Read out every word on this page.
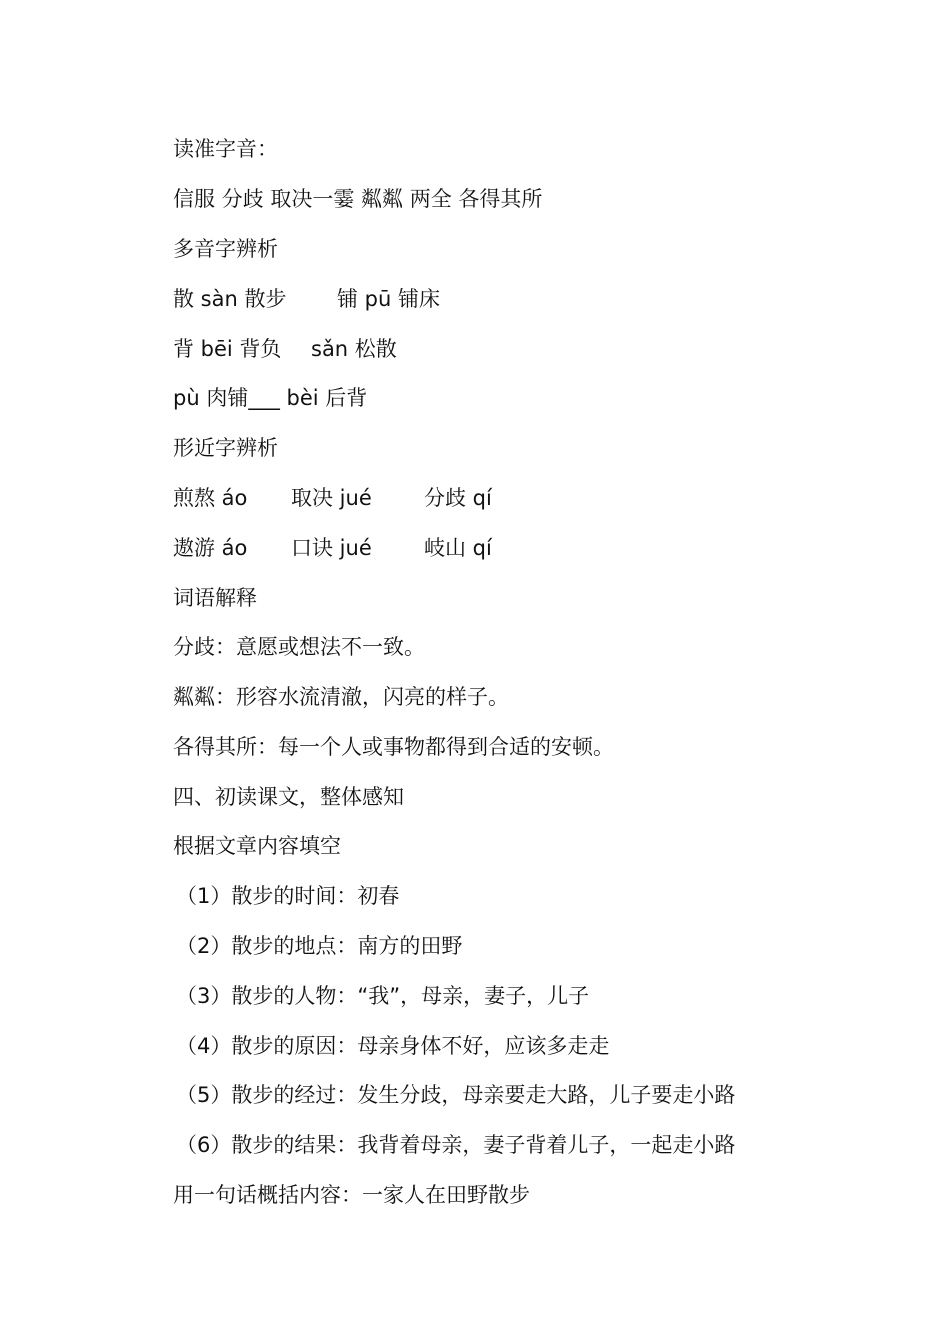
读准字音：
信服 分歧 取决一霎 粼粼 两全 各得其所
多音字辨析
散 sàn 散步 铺 pū 铺床
背 bēi 背负 sǎn 松散
pù 肉铺___ bèi 后背
形近字辨析
煎熬 áo 取决 jué 分歧 qí
遨游 áo 口诀 jué 岐山 qí
词语解释
分歧：意愿或想法不一致。
粼粼：形容水流清澈，闪亮的样子。
各得其所：每一个人或事物都得到合适的安顿。
四、初读课文，整体感知
根据文章内容填空
（1）散步的时间：初春
（2）散步的地点：南方的田野
（3）散步的人物：“我”，母亲，妻子，儿子
（4）散步的原因：母亲身体不好，应该多走走
（5）散步的经过：发生分歧，母亲要走大路，儿子要走小路
（6）散步的结果：我背着母亲，妻子背着儿子，一起走小路
用一句话概括内容：一家人在田野散步
